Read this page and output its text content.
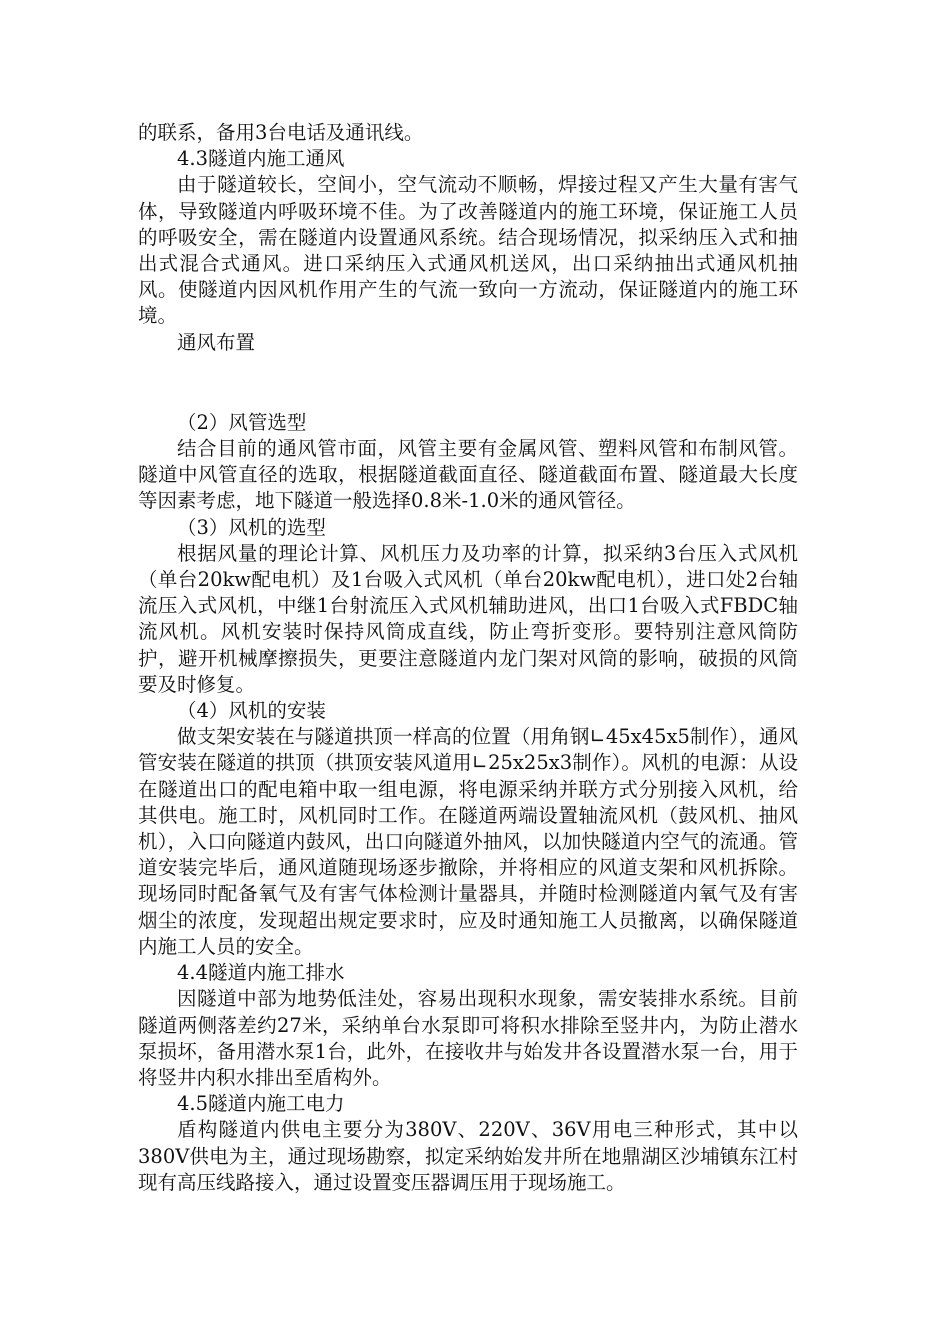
的联系，备用3台电话及通讯线。

4.3隧道内施工通风

由于隧道较长，空间小，空气流动不顺畅，焊接过程又产生大量有害气体，导致隧道内呼吸环境不佳。为了改善隧道内的施工环境，保证施工人员的呼吸安全，需在隧道内设置通风系统。结合现场情况，拟采纳压入式和抽出式混合式通风。进口采纳压入式通风机送风，出口采纳抽出式通风机抽风。使隧道内因风机作用产生的气流一致向一方流动，保证隧道内的施工环境。

通风布置

（2）风管选型

结合目前的通风管市面，风管主要有金属风管、塑料风管和布制风管。隧道中风管直径的选取，根据隧道截面直径、隧道截面布置、隧道最大长度等因素考虑，地下隧道一般选择0.8米-1.0米的通风管径。

（3）风机的选型

根据风量的理论计算、风机压力及功率的计算，拟采纳3台压入式风机（单台20kw配电机）及1台吸入式风机（单台20kw配电机），进口处2台轴流压入式风机，中继1台射流压入式风机辅助进风，出口1台吸入式FBDC轴流风机。风机安装时保持风筒成直线，防止弯折变形。要特别注意风筒防护，避开机械摩擦损失，更要注意隧道内龙门架对风筒的影响，破损的风筒要及时修复。

（4）风机的安装

做支架安装在与隧道拱顶一样高的位置（用角钢∟45x45x5制作），通风管安装在隧道的拱顶（拱顶安装风道用∟25x25x3制作）。风机的电源：从设在隧道出口的配电箱中取一组电源，将电源采纳并联方式分别接入风机，给其供电。施工时，风机同时工作。在隧道两端设置轴流风机（鼓风机、抽风机），入口向隧道内鼓风，出口向隧道外抽风，以加快隧道内空气的流通。管道安装完毕后，通风道随现场逐步撤除，并将相应的风道支架和风机拆除。现场同时配备氧气及有害气体检测计量器具，并随时检测隧道内氧气及有害烟尘的浓度，发现超出规定要求时，应及时通知施工人员撤离，以确保隧道内施工人员的安全。

4.4隧道内施工排水

因隧道中部为地势低洼处，容易出现积水现象，需安装排水系统。目前隧道两侧落差约27米，采纳单台水泵即可将积水排除至竖井内，为防止潜水泵损坏，备用潜水泵1台，此外，在接收井与始发井各设置潜水泵一台，用于将竖井内积水排出至盾构外。

4.5隧道内施工电力

盾构隧道内供电主要分为380V、220V、36V用电三种形式，其中以380V供电为主，通过现场勘察，拟定采纳始发井所在地鼎湖区沙埔镇东江村现有高压线路接入，通过设置变压器调压用于现场施工。
